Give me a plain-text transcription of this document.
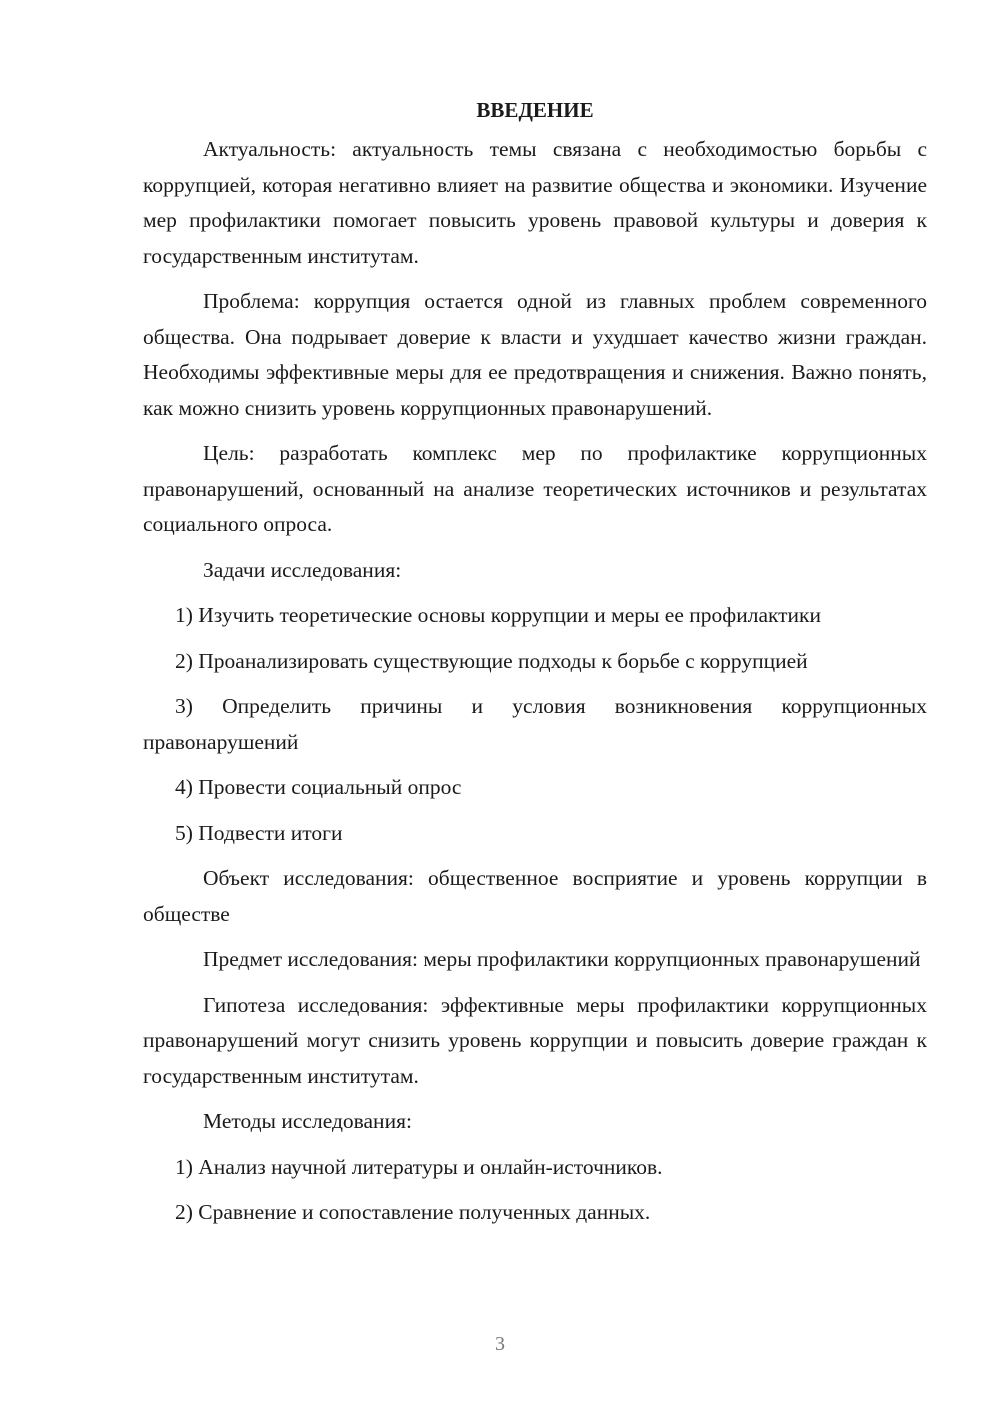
ВВЕДЕНИЕ

Актуальность: актуальность темы связана с необходимостью борьбы с коррупцией, которая негативно влияет на развитие общества и экономики. Изучение мер профилактики помогает повысить уровень правовой культуры и доверия к государственным институтам.

Проблема: коррупция остается одной из главных проблем современного общества. Она подрывает доверие к власти и ухудшает качество жизни граждан. Необходимы эффективные меры для ее предотвращения и снижения. Важно понять, как можно снизить уровень коррупционных правонарушений.

Цель: разработать комплекс мер по профилактике коррупционных правонарушений, основанный на анализе теоретических источников и результатах социального опроса.

Задачи исследования:

1) Изучить теоретические основы коррупции и меры ее профилактики

2) Проанализировать существующие подходы к борьбе с коррупцией

3) Определить причины и условия возникновения коррупционных правонарушений

4) Провести социальный опрос

5) Подвести итоги

Объект исследования: общественное восприятие и уровень коррупции в обществе

Предмет исследования: меры профилактики коррупционных правонарушений

Гипотеза исследования: эффективные меры профилактики коррупционных правонарушений могут снизить уровень коррупции и повысить доверие граждан к государственным институтам.

Методы исследования:

1) Анализ научной литературы и онлайн-источников.

2) Сравнение и сопоставление полученных данных.

3
